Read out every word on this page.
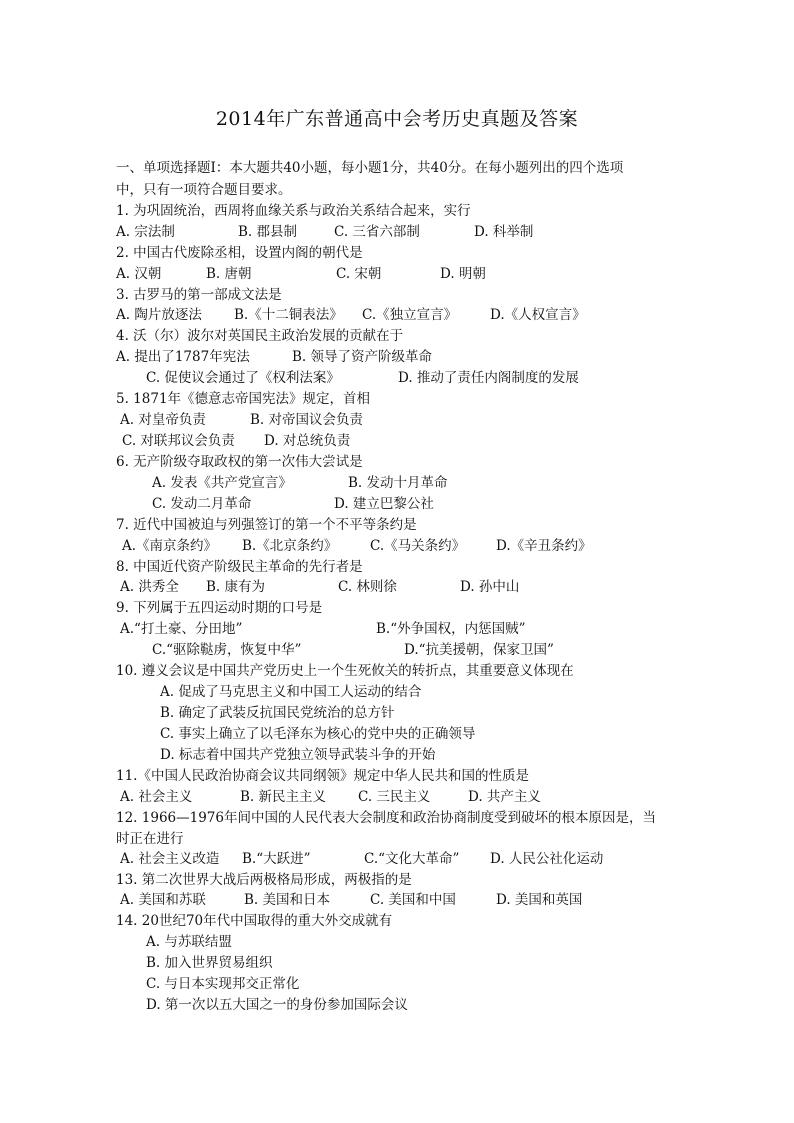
2014年广东普通高中会考历史真题及答案
一、单项选择题Ⅰ：本大题共40小题，每小题1分，共40分。在每小题列出的四个选项
中，只有一项符合题目要求。
1. 为巩固统治，西周将血缘关系与政治关系结合起来，实行
A. 宗法制	B. 郡县制	C. 三省六部制	D. 科举制
2. 中国古代废除丞相，设置内阁的朝代是
A. 汉朝	B. 唐朝	C. 宋朝	D. 明朝
3. 古罗马的第一部成文法是
A. 陶片放逐法 B.《十二铜表法》 C.《独立宣言》 D.《人权宣言》
4. 沃（尔）波尔对英国民主政治发展的贡献在于
A. 提出了1787年宪法	B. 领导了资产阶级革命
C. 促使议会通过了《权利法案》	D. 推动了责任内阁制度的发展
5. 1871年《德意志帝国宪法》规定，首相
A. 对皇帝负责	B. 对帝国议会负责
C. 对联邦议会负责 D. 对总统负责
6. 无产阶级夺取政权的第一次伟大尝试是
A. 发表《共产党宣言》	B. 发动十月革命
C. 发动二月革命	D. 建立巴黎公社
7. 近代中国被迫与列强签订的第一个不平等条约是
A.《南京条约》 B.《北京条约》 C.《马关条约》 D.《辛丑条约》
8. 中国近代资产阶级民主革命的先行者是
A. 洪秀全 B. 康有为	C. 林则徐	D. 孙中山
9. 下列属于五四运动时期的口号是
A.“打土豪、分田地”	B.“外争国权，内惩国贼”
C.“驱除鞑虏，恢复中华”	D.“抗美援朝，保家卫国”
10. 遵义会议是中国共产党历史上一个生死攸关的转折点，其重要意义体现在
A. 促成了马克思主义和中国工人运动的结合
B. 确定了武装反抗国民党统治的总方针
C. 事实上确立了以毛泽东为核心的党中央的正确领导
D. 标志着中国共产党独立领导武装斗争的开始
11.《中国人民政治协商会议共同纲领》规定中华人民共和国的性质是
A. 社会主义	B. 新民主主义 C. 三民主义	D. 共产主义
12. 1966—1976年间中国的人民代表大会制度和政治协商制度受到破坏的根本原因是，当
时正在进行
A. 社会主义改造 B.“大跃进”	C.“文化大革命” D. 人民公社化运动
13. 第二次世界大战后两极格局形成，两极指的是
A. 美国和苏联	B. 美国和日本	C. 美国和中国	D. 美国和英国
14. 20世纪70年代中国取得的重大外交成就有
A. 与苏联结盟
B. 加入世界贸易组织
C. 与日本实现邦交正常化
D. 第一次以五大国之一的身份参加国际会议
